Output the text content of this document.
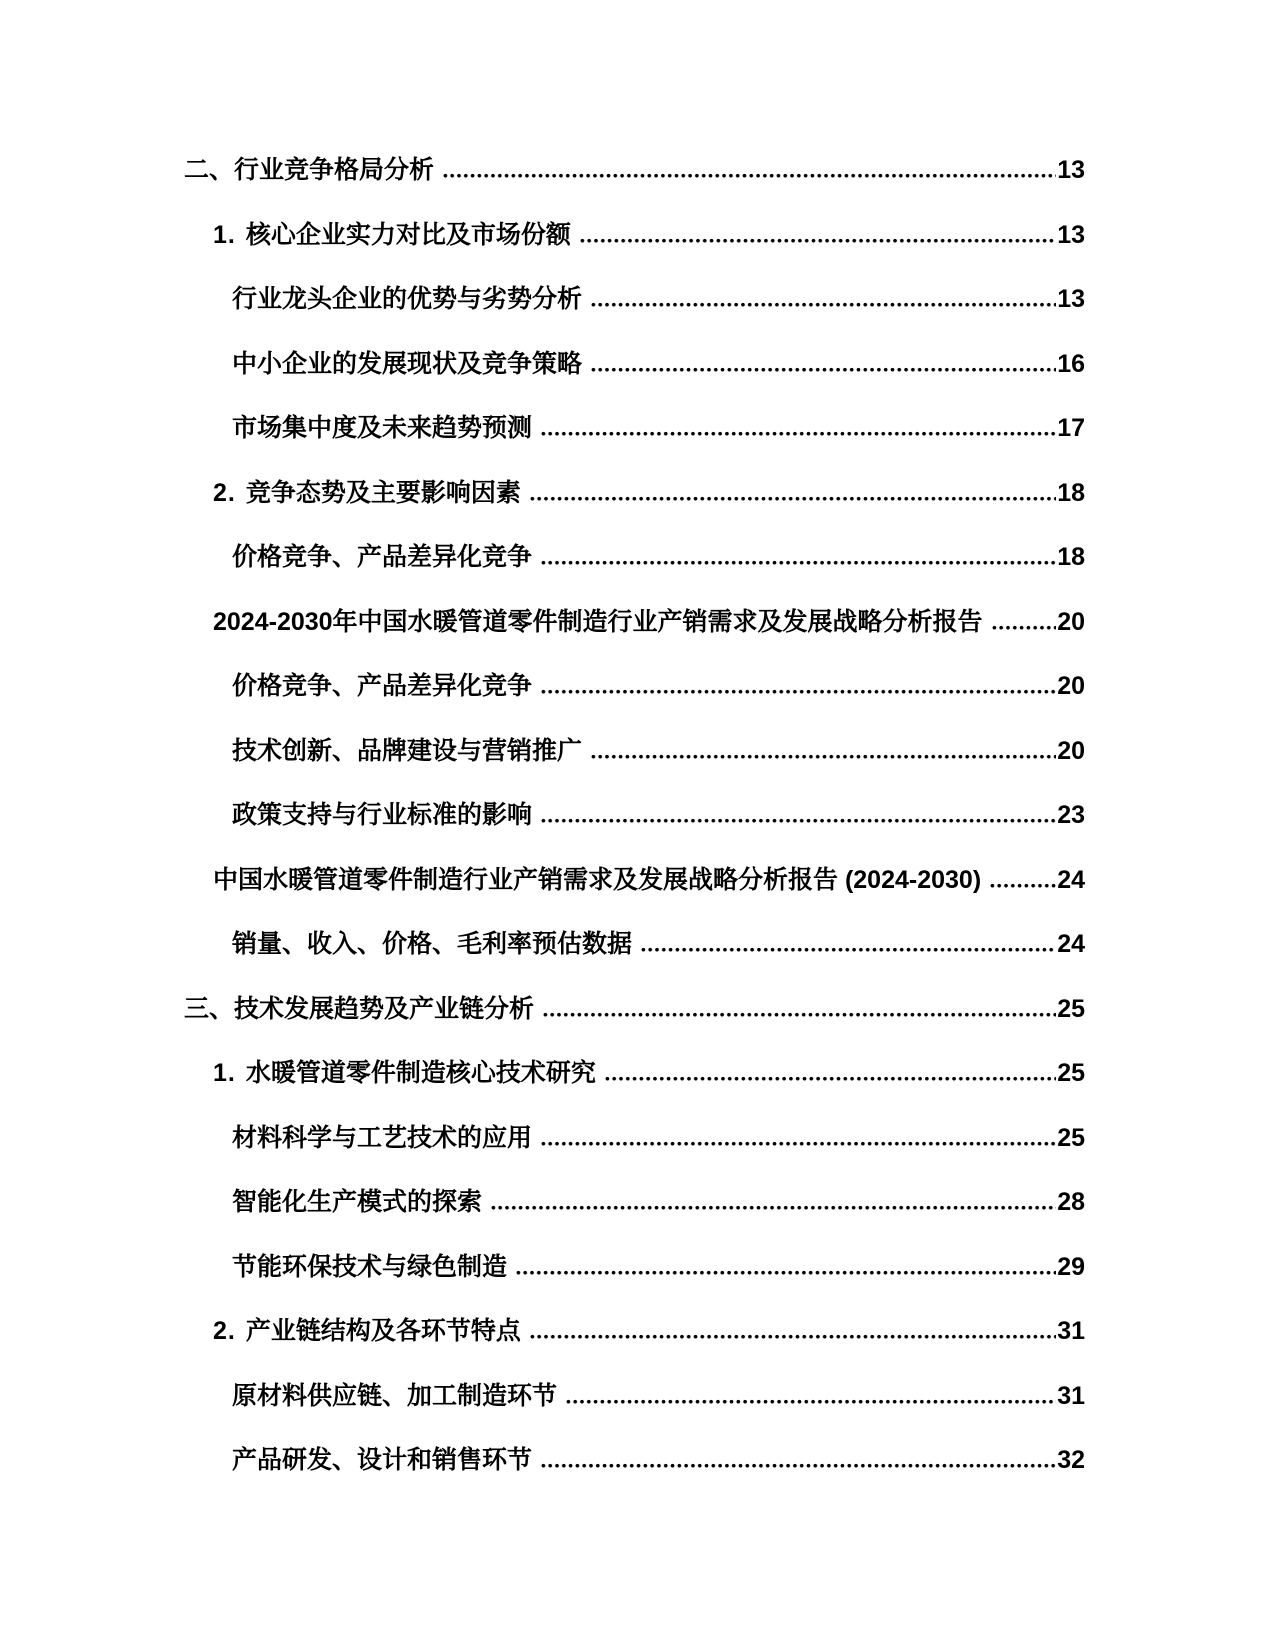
二、行业竞争格局分析	13
1. 核心企业实力对比及市场份额	13
行业龙头企业的优势与劣势分析	13
中小企业的发展现状及竞争策略	16
市场集中度及未来趋势预测	17
2. 竞争态势及主要影响因素	18
价格竞争、产品差异化竞争	18
2024-2030年中国水暖管道零件制造行业产销需求及发展战略分析报告	20
价格竞争、产品差异化竞争	20
技术创新、品牌建设与营销推广	20
政策支持与行业标准的影响	23
中国水暖管道零件制造行业产销需求及发展战略分析报告 (2024-2030)	24
销量、收入、价格、毛利率预估数据	24
三、技术发展趋势及产业链分析	25
1. 水暖管道零件制造核心技术研究	25
材料科学与工艺技术的应用	25
智能化生产模式的探索	28
节能环保技术与绿色制造	29
2. 产业链结构及各环节特点	31
原材料供应链、加工制造环节	31
产品研发、设计和销售环节	32
